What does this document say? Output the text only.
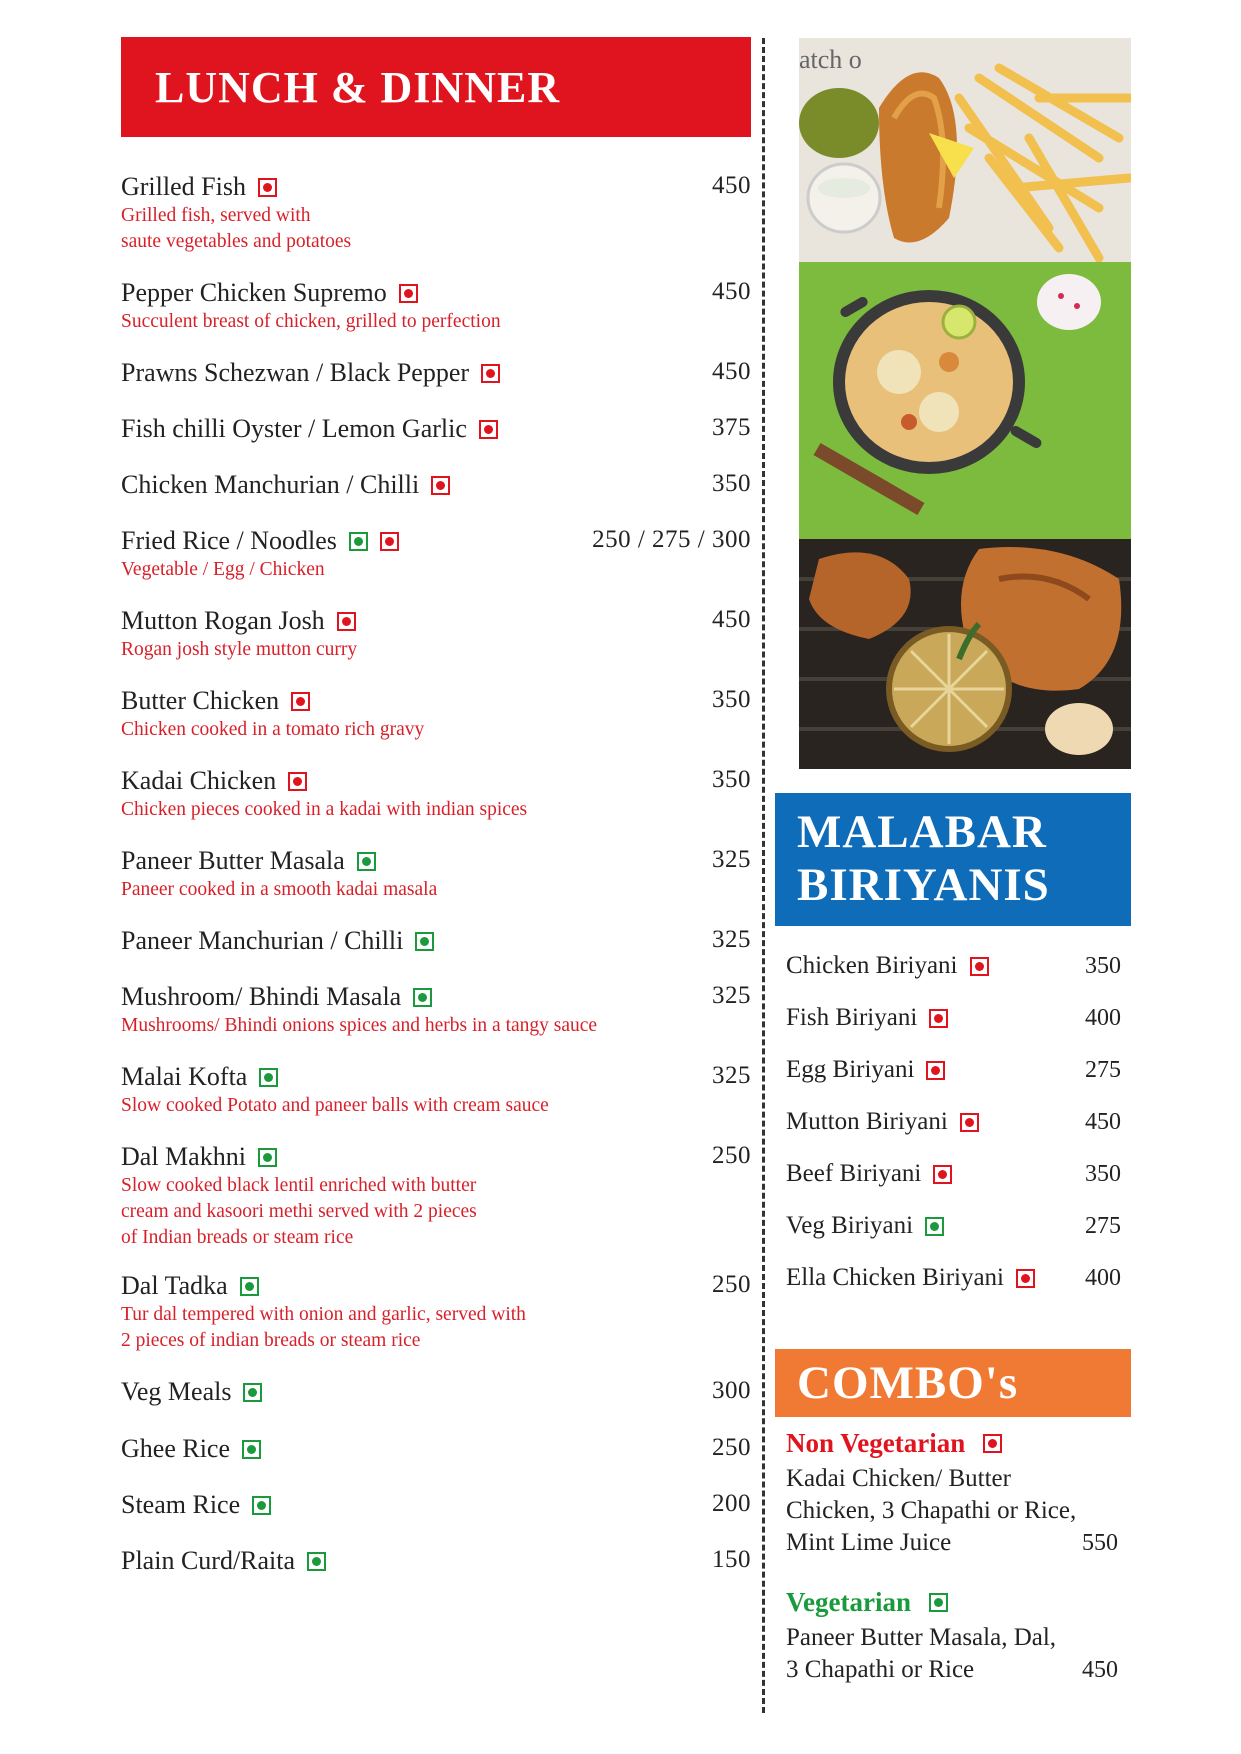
LUNCH & DINNER
Grilled Fish	450
Grilled fish, served with
saute vegetables and potatoes
Pepper Chicken Supremo	450
Succulent breast of chicken, grilled to perfection
Prawns Schezwan / Black Pepper	450
Fish chilli Oyster / Lemon Garlic	375
Chicken Manchurian / Chilli	350
Fried Rice / Noodles	250 / 275 / 300
Vegetable / Egg / Chicken
Mutton Rogan Josh	450
Rogan josh style mutton curry
Butter Chicken	350
Chicken cooked in a tomato rich gravy
Kadai Chicken	350
Chicken pieces cooked in a kadai with indian spices
Paneer Butter Masala	325
Paneer cooked in a smooth kadai masala
Paneer Manchurian / Chilli	325
Mushroom/ Bhindi Masala	325
Mushrooms/ Bhindi onions spices and herbs in a tangy sauce
Malai Kofta	325
Slow cooked Potato and paneer balls with cream sauce
Dal Makhni	250
Slow cooked black lentil enriched with butter
cream and kasoori methi served with 2 pieces
of Indian breads or steam rice
Dal Tadka	250
Tur dal tempered with onion and garlic, served with
2 pieces of indian breads or steam rice
Veg Meals	300
Ghee Rice	250
Steam Rice	200
Plain Curd/Raita	150
atch o
MALABAR
BIRIYANIS
Chicken Biriyani	350
Fish Biriyani	400
Egg Biriyani	275
Mutton Biriyani	450
Beef Biriyani	350
Veg Biriyani	275
Ella Chicken Biriyani	400
COMBO's
Non Vegetarian
Kadai Chicken/ Butter
Chicken, 3 Chapathi or Rice,
Mint Lime Juice	550
Vegetarian
Paneer Butter Masala, Dal,
3 Chapathi or Rice	450
